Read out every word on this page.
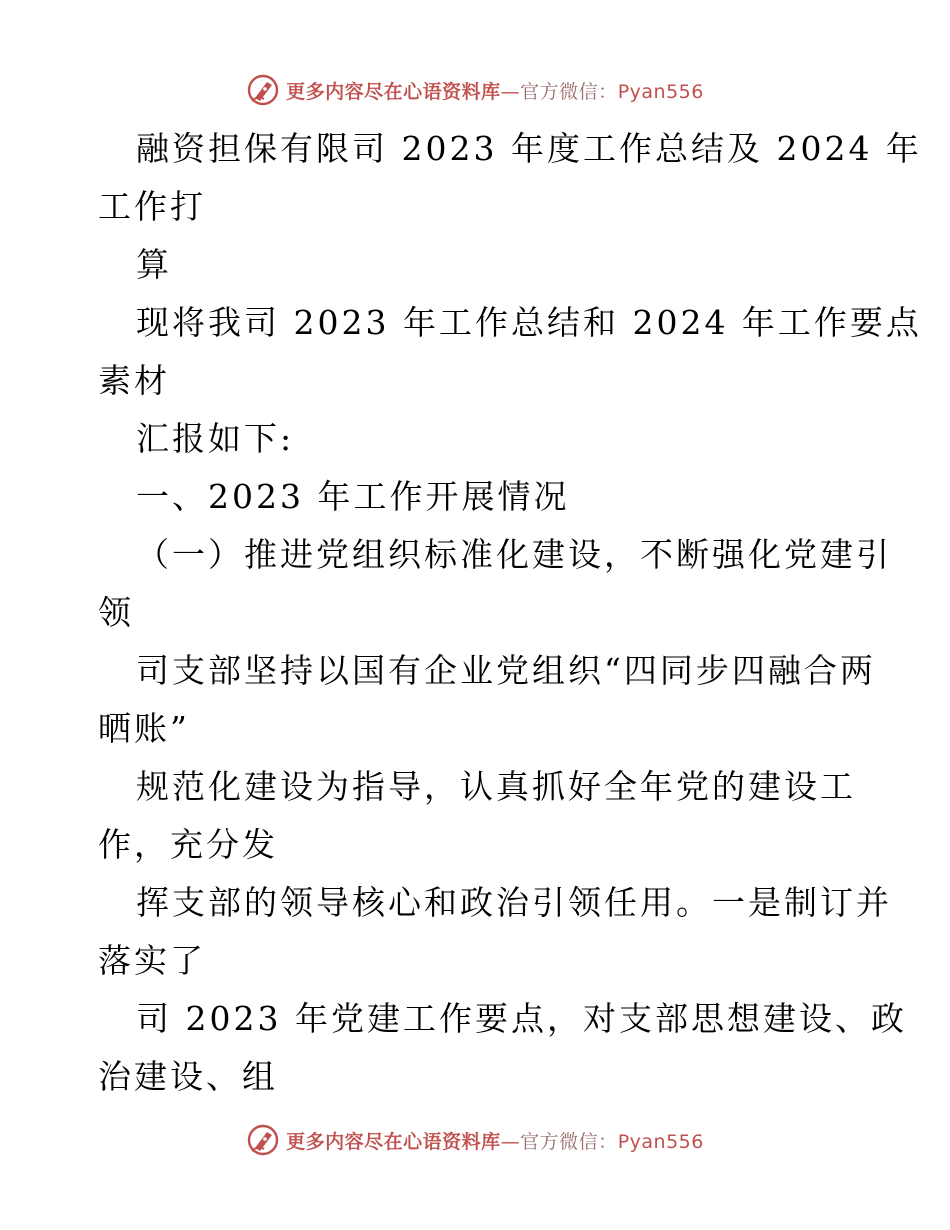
更多内容尽在心语资料库—官方微信：Pyan556
融资担保有限司 2023 年度工作总结及 2024 年
工作打
算
现将我司 2023 年工作总结和 2024 年工作要点
素材
汇报如下:
一、2023 年工作开展情况
（一）推进党组织标准化建设，不断强化党建引
领
司支部坚持以国有企业党组织“四同步四融合两
晒账”
规范化建设为指导，认真抓好全年党的建设工
作，充分发
挥支部的领导核心和政治引领任用。一是制订并
落实了
司 2023 年党建工作要点，对支部思想建设、政
治建设、组
更多内容尽在心语资料库—官方微信：Pyan556
